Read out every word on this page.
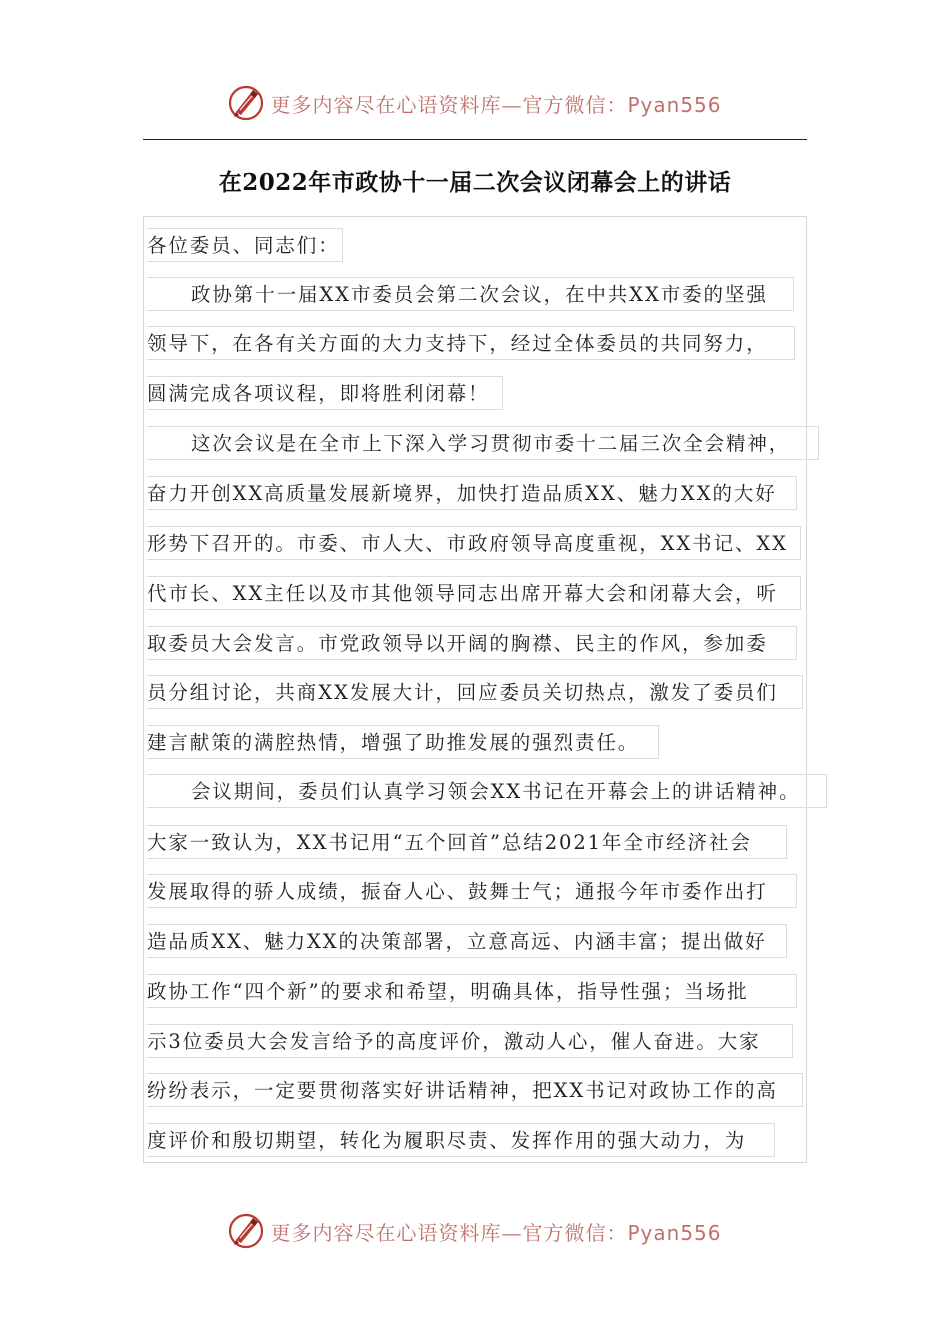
更多内容尽在心语资料库—官方微信：Pyan556
在2022年市政协十一届二次会议闭幕会上的讲话
各位委员、同志们：
政协第十一届XX市委员会第二次会议，在中共XX市委的坚强
领导下，在各有关方面的大力支持下，经过全体委员的共同努力，
圆满完成各项议程，即将胜利闭幕！
这次会议是在全市上下深入学习贯彻市委十二届三次全会精神，
奋力开创XX高质量发展新境界，加快打造品质XX、魅力XX的大好
形势下召开的。市委、市人大、市政府领导高度重视，XX书记、XX
代市长、XX主任以及市其他领导同志出席开幕大会和闭幕大会，听
取委员大会发言。市党政领导以开阔的胸襟、民主的作风，参加委
员分组讨论，共商XX发展大计，回应委员关切热点，激发了委员们
建言献策的满腔热情，增强了助推发展的强烈责任。
会议期间，委员们认真学习领会XX书记在开幕会上的讲话精神。
大家一致认为，XX书记用“五个回首”总结2021年全市经济社会
发展取得的骄人成绩，振奋人心、鼓舞士气；通报今年市委作出打
造品质XX、魅力XX的决策部署，立意高远、内涵丰富；提出做好
政协工作“四个新”的要求和希望，明确具体，指导性强；当场批
示3位委员大会发言给予的高度评价，激动人心，催人奋进。大家
纷纷表示，一定要贯彻落实好讲话精神，把XX书记对政协工作的高
度评价和殷切期望，转化为履职尽责、发挥作用的强大动力，为
更多内容尽在心语资料库—官方微信：Pyan556
